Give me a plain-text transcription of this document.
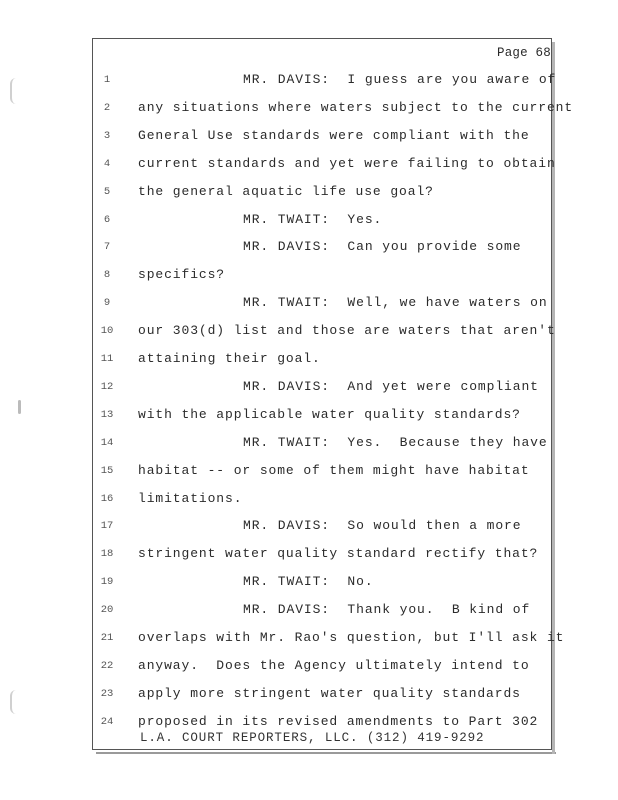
Page 68
1	MR. DAVIS:  I guess are you aware of
2	any situations where waters subject to the current
3	General Use standards were compliant with the
4	current standards and yet were failing to obtain
5	the general aquatic life use goal?
6	MR. TWAIT:  Yes.
7	MR. DAVIS:  Can you provide some
8	specifics?
9	MR. TWAIT:  Well, we have waters on
10	our 303(d) list and those are waters that aren't
11	attaining their goal.
12	MR. DAVIS:  And yet were compliant
13	with the applicable water quality standards?
14	MR. TWAIT:  Yes.  Because they have
15	habitat -- or some of them might have habitat
16	limitations.
17	MR. DAVIS:  So would then a more
18	stringent water quality standard rectify that?
19	MR. TWAIT:  No.
20	MR. DAVIS:  Thank you.  B kind of
21	overlaps with Mr. Rao's question, but I'll ask it
22	anyway.  Does the Agency ultimately intend to
23	apply more stringent water quality standards
24	proposed in its revised amendments to Part 302
L.A. COURT REPORTERS, LLC. (312) 419-9292
